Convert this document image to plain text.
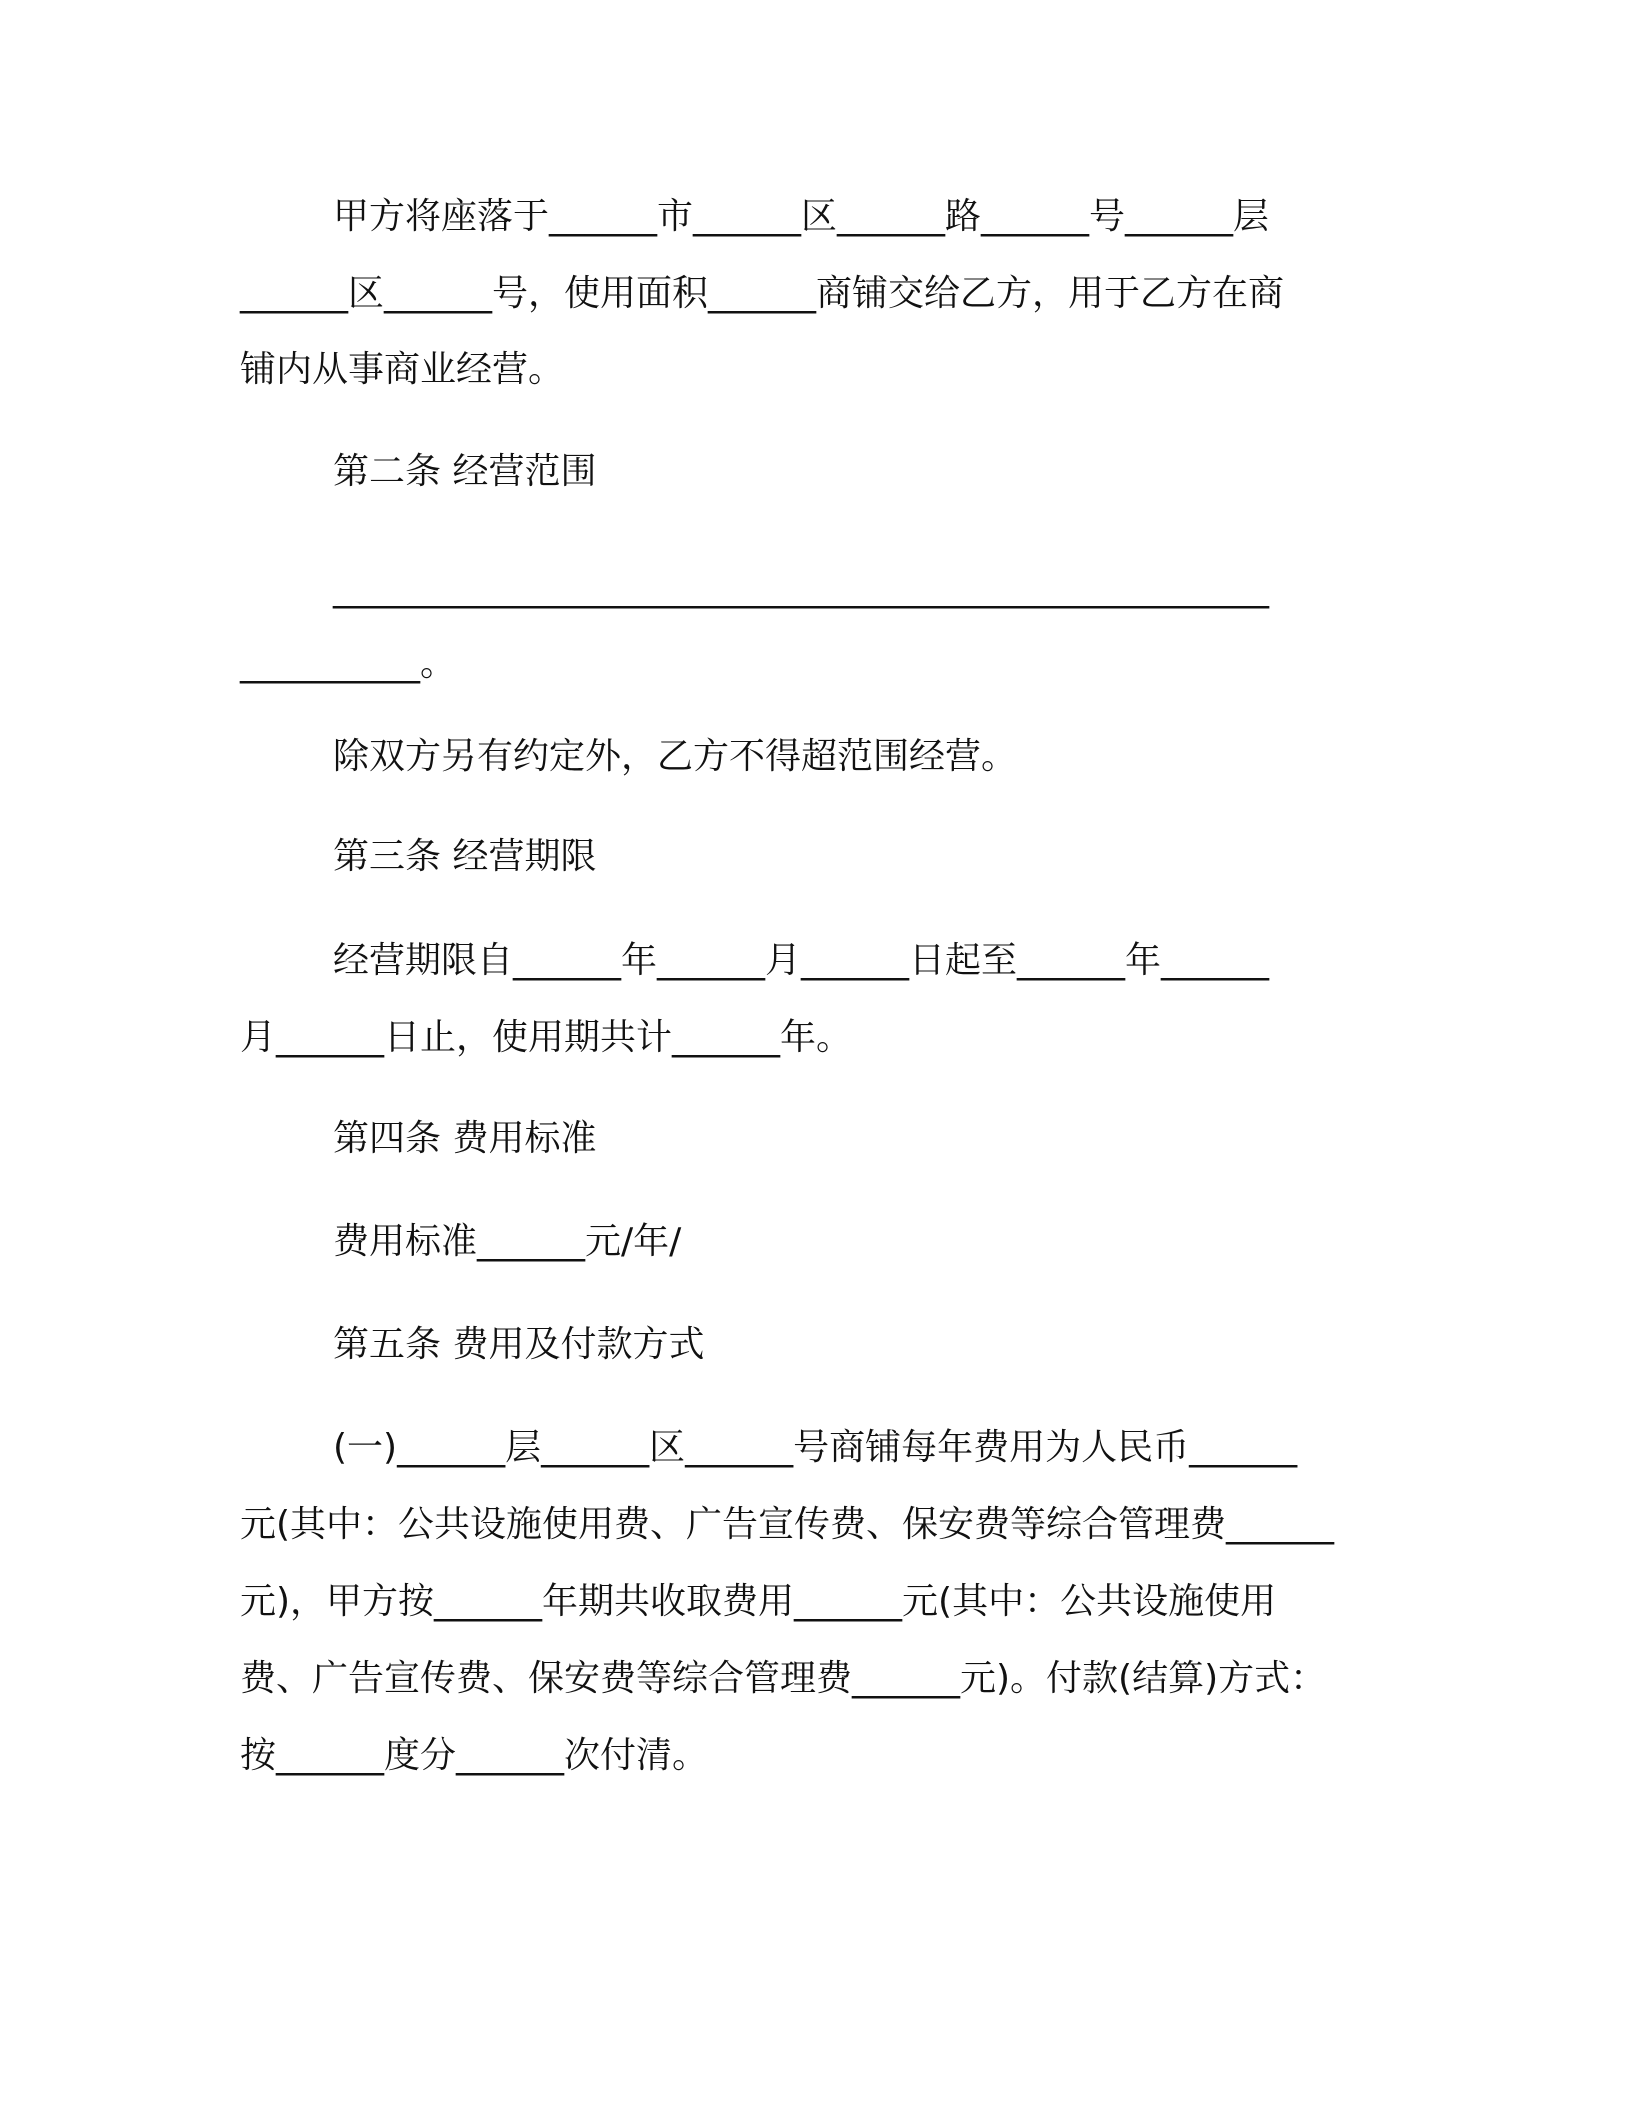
甲方将座落于______市______区______路______号______层
______区______号，使用面积______商铺交给乙方，用于乙方在商
铺内从事商业经营。
第二条 经营范围
____________________________________________________
__________。
除双方另有约定外，乙方不得超范围经营。
第三条 经营期限
经营期限自______年______月______日起至______年______
月______日止，使用期共计______年。
第四条 费用标准
费用标准______元/年/
第五条 费用及付款方式
(一)______层______区______号商铺每年费用为人民币______
元(其中：公共设施使用费、广告宣传费、保安费等综合管理费______
元)，甲方按______年期共收取费用______元(其中：公共设施使用
费、广告宣传费、保安费等综合管理费______元)。付款(结算)方式：
按______度分______次付清。
